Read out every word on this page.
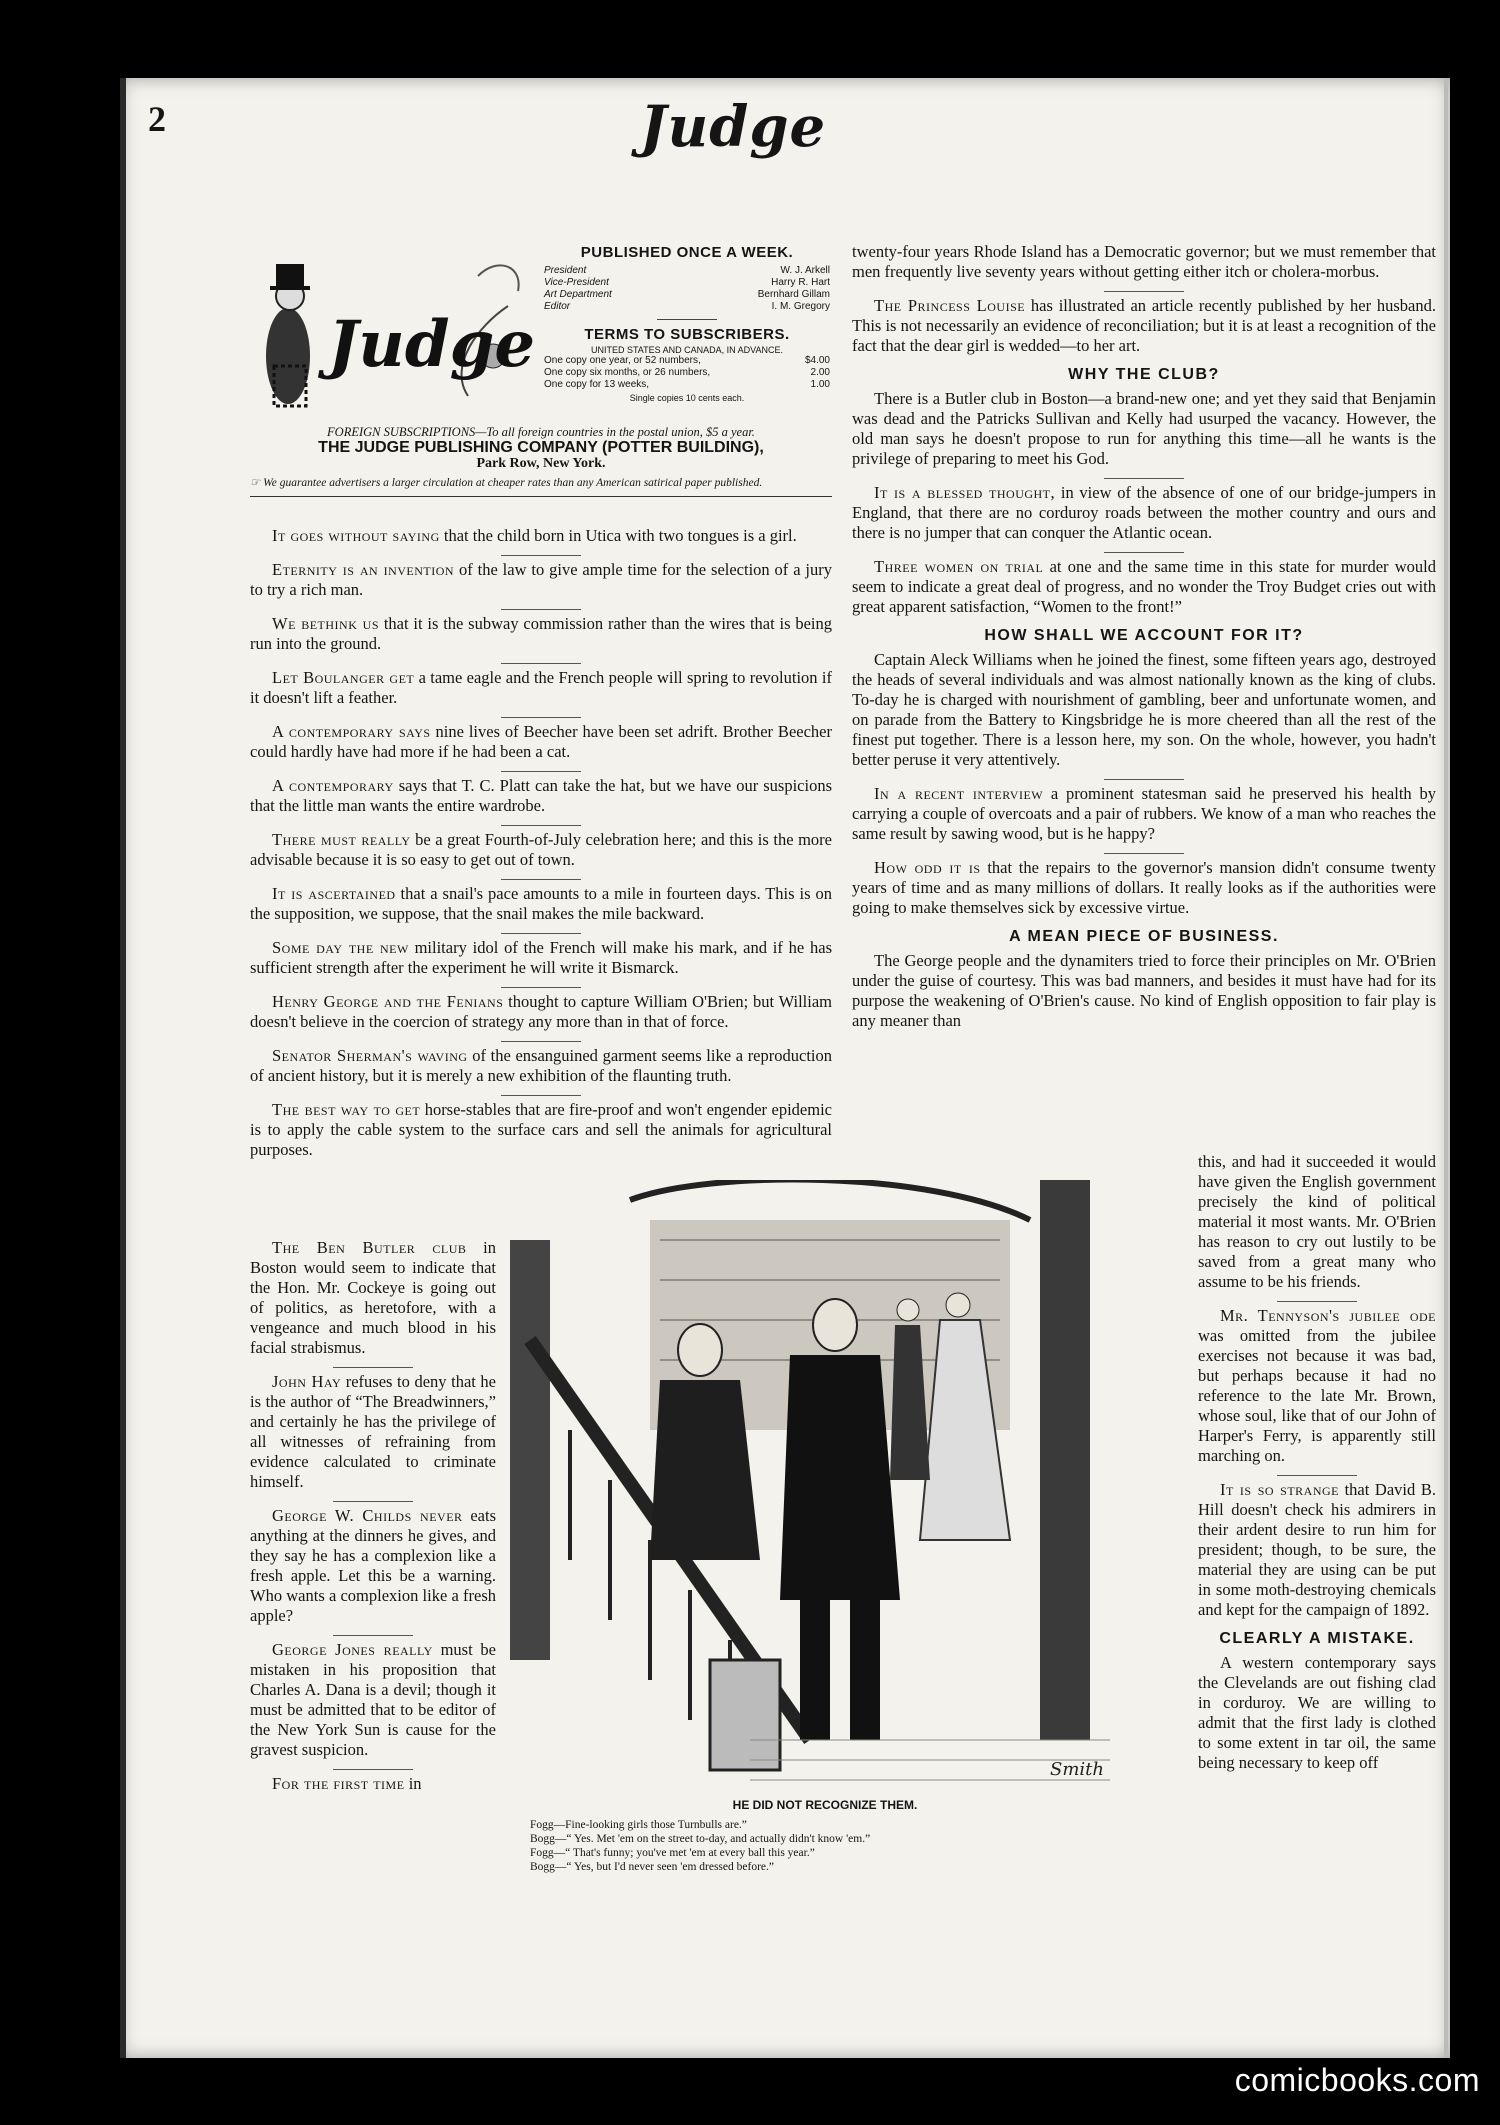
2	Judge
Judge
PUBLISHED ONCE A WEEK.
President	W. J. Arkell
Vice-President	Harry R. Hart
Art Department	Bernhard Gillam
Editor	I. M. Gregory
TERMS TO SUBSCRIBERS.
UNITED STATES AND CANADA, IN ADVANCE.
One copy one year, or 52 numbers,	$4.00
One copy six months, or 26 numbers,	2.00
One copy for 13 weeks,	1.00
Single copies 10 cents each.
FOREIGN SUBSCRIPTIONS—To all foreign countries in the postal union, $5 a year.
THE JUDGE PUBLISHING COMPANY (POTTER BUILDING),
Park Row, New York.
☞ We guarantee advertisers a larger circulation at cheaper rates than any American satirical paper published.

It goes without saying that the child born in Utica with two tongues is a girl.

Eternity is an invention of the law to give ample time for the selection of a jury to try a rich man.

We bethink us that it is the subway commission rather than the wires that is being run into the ground.

Let Boulanger get a tame eagle and the French people will spring to revolution if it doesn't lift a feather.

A contemporary says nine lives of Beecher have been set adrift. Brother Beecher could hardly have had more if he had been a cat.

A contemporary says that T. C. Platt can take the hat, but we have our suspicions that the little man wants the entire wardrobe.

There must really be a great Fourth-of-July celebration here; and this is the more advisable because it is so easy to get out of town.

It is ascertained that a snail's pace amounts to a mile in fourteen days. This is on the supposition, we suppose, that the snail makes the mile backward.

Some day the new military idol of the French will make his mark, and if he has sufficient strength after the experiment he will write it Bismarck.

Henry George and the Fenians thought to capture William O'Brien; but William doesn't believe in the coercion of strategy any more than in that of force.

Senator Sherman's waving of the ensanguined garment seems like a reproduction of ancient history, but it is merely a new exhibition of the flaunting truth.

The best way to get horse-stables that are fire-proof and won't engender epidemic is to apply the cable system to the surface cars and sell the animals for agricultural purposes.

The Ben Butler club in Boston would seem to indicate that the Hon. Mr. Cockeye is going out of politics, as heretofore, with a vengeance and much blood in his facial strabismus.

John Hay refuses to deny that he is the author of “The Breadwinners,” and certainly he has the privilege of all witnesses of refraining from evidence calculated to criminate himself.

George W. Childs never eats anything at the dinners he gives, and they say he has a complexion like a fresh apple. Let this be a warning. Who wants a complexion like a fresh apple?

George Jones really must be mistaken in his proposition that Charles A. Dana is a devil; though it must be admitted that to be editor of the New York Sun is cause for the gravest suspicion.

For the first time in

twenty-four years Rhode Island has a Democratic governor; but we must remember that men frequently live seventy years without getting either itch or cholera-morbus.

The Princess Louise has illustrated an article recently published by her husband. This is not necessarily an evidence of reconciliation; but it is at least a recognition of the fact that the dear girl is wedded—to her art.

WHY THE CLUB?

There is a Butler club in Boston—a brand-new one; and yet they said that Benjamin was dead and the Patricks Sullivan and Kelly had usurped the vacancy. However, the old man says he doesn't propose to run for anything this time—all he wants is the privilege of preparing to meet his God.

It is a blessed thought, in view of the absence of one of our bridge-jumpers in England, that there are no corduroy roads between the mother country and ours and there is no jumper that can conquer the Atlantic ocean.

Three women on trial at one and the same time in this state for murder would seem to indicate a great deal of progress, and no wonder the Troy Budget cries out with great apparent satisfaction, “Women to the front!”

HOW SHALL WE ACCOUNT FOR IT?

Captain Aleck Williams when he joined the finest, some fifteen years ago, destroyed the heads of several individuals and was almost nationally known as the king of clubs. To-day he is charged with nourishment of gambling, beer and unfortunate women, and on parade from the Battery to Kingsbridge he is more cheered than all the rest of the finest put together. There is a lesson here, my son. On the whole, however, you hadn't better peruse it very attentively.

In a recent interview a prominent statesman said he preserved his health by carrying a couple of overcoats and a pair of rubbers. We know of a man who reaches the same result by sawing wood, but is he happy?

How odd it is that the repairs to the governor's mansion didn't consume twenty years of time and as many millions of dollars. It really looks as if the authorities were going to make themselves sick by excessive virtue.

A MEAN PIECE OF BUSINESS.

The George people and the dynamiters tried to force their principles on Mr. O'Brien under the guise of courtesy. This was bad manners, and besides it must have had for its purpose the weakening of O'Brien's cause. No kind of English opposition to fair play is any meaner than

this, and had it succeeded it would have given the English government precisely the kind of political material it most wants. Mr. O'Brien has reason to cry out lustily to be saved from a great many who assume to be his friends.

Mr. Tennyson's jubilee ode was omitted from the jubilee exercises not because it was bad, but perhaps because it had no reference to the late Mr. Brown, whose soul, like that of our John of Harper's Ferry, is apparently still marching on.

It is so strange that David B. Hill doesn't check his admirers in their ardent desire to run him for president; though, to be sure, the material they are using can be put in some moth-destroying chemicals and kept for the campaign of 1892.

CLEARLY A MISTAKE.

A western contemporary says the Clevelands are out fishing clad in corduroy. We are willing to admit that the first lady is clothed to some extent in tar oil, the same being necessary to keep off

Smith
HE DID NOT RECOGNIZE THEM.
Fogg—Fine-looking girls those Turnbulls are.”
Bogg—“ Yes. Met 'em on the street to-day, and actually didn't know 'em.”
Fogg—“ That's funny; you've met 'em at every ball this year.”
Bogg—“ Yes, but I'd never seen 'em dressed before.”
comicbooks.com
